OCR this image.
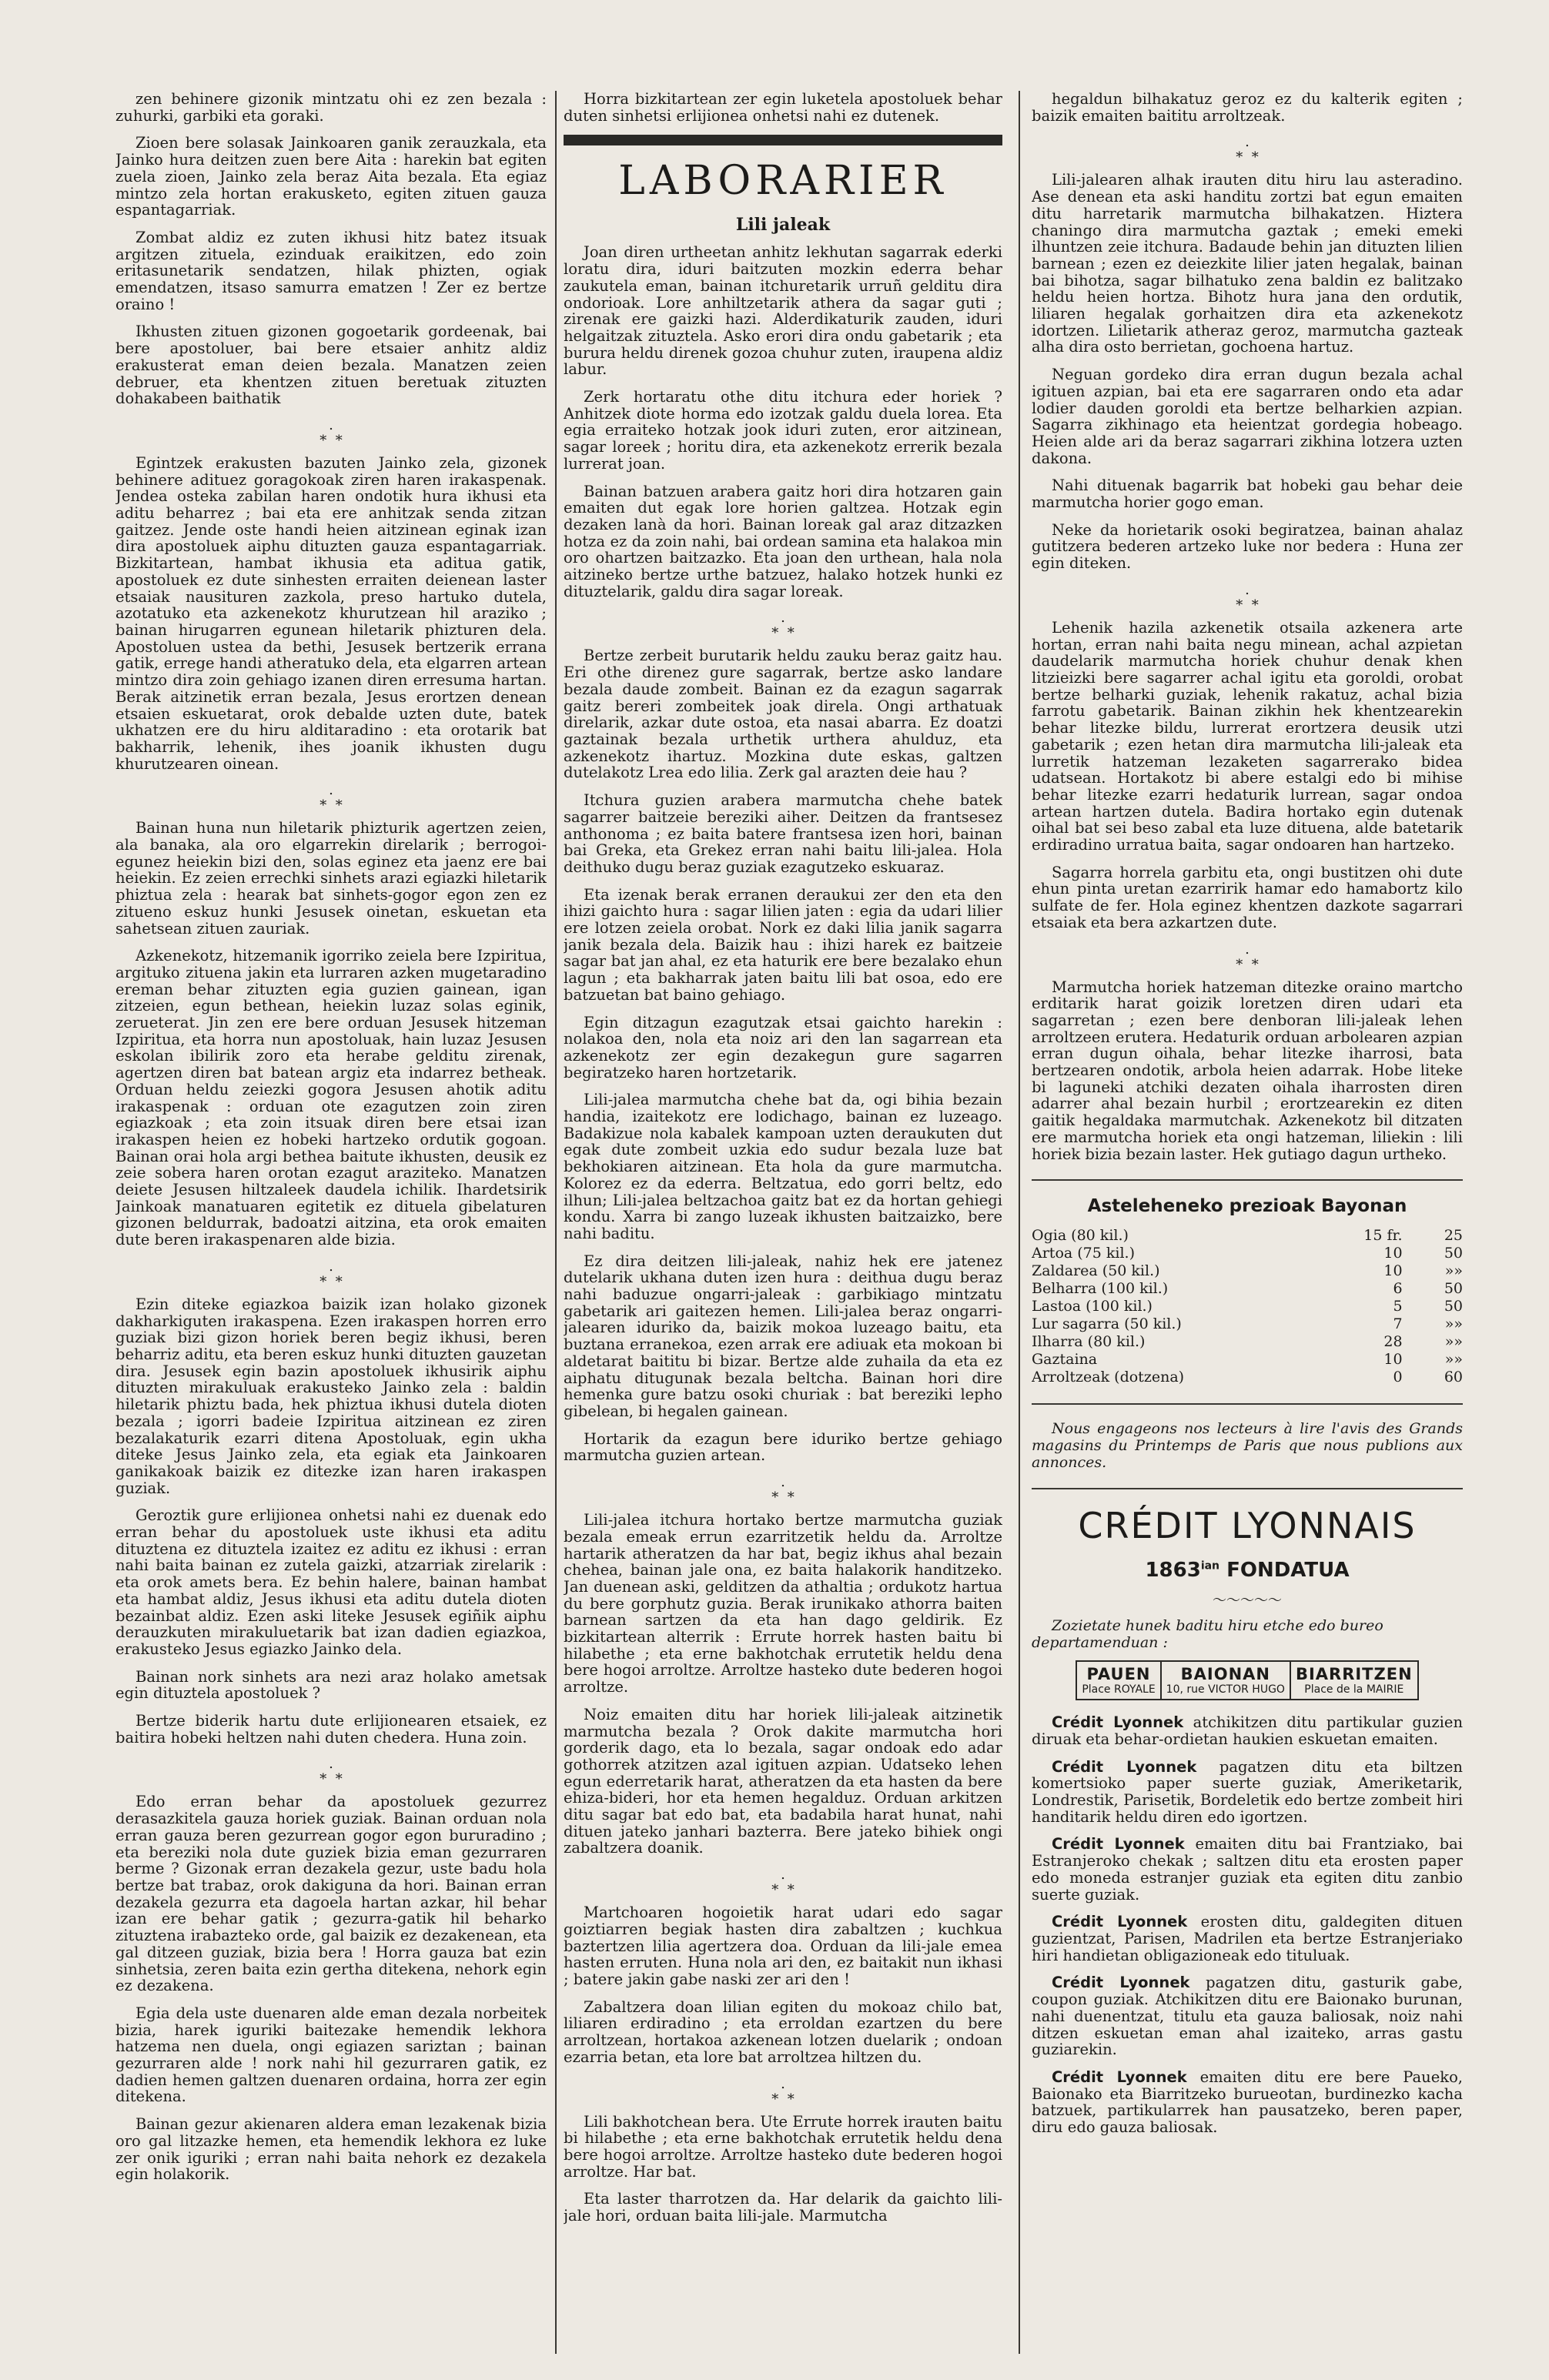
zen behinere gizonik mintzatu ohi ez zen bezala : zuhurki, garbiki eta goraki.

Zioen bere solasak Jainkoaren ganik zerauzkala, eta Jainko hura deitzen zuen bere Aita : harekin bat egiten zuela zioen, Jainko zela beraz Aita bezala. Eta egiaz mintzo zela hortan erakusketo, egiten zituen gauza espantagarriak.

Zombat aldiz ez zuten ikhusi hitz batez itsuak argitzen zituela, ezinduak eraikitzen, edo zoin eritasunetarik sendatzen, hilak phizten, ogiak emendatzen, itsaso samurra ematzen ! Zer ez bertze oraino !

Ikhusten zituen gizonen gogoetarik gordeenak, bai bere apostoluer, bai bere etsaier anhitz aldiz erakusterat eman deien bezala. Manatzen zeien debruer, eta khentzen zituen beretuak zituzten dohakabeen baithatik

.
*  *

Egintzek erakusten bazuten Jainko zela, gizonek behinere adituez goragokoak ziren haren irakaspenak. Jendea osteka zabilan haren ondotik hura ikhusi eta aditu beharrez ; bai eta ere anhitzak senda zitzan gaitzez. Jende oste handi heien aitzinean eginak izan dira apostoluek aiphu dituzten gauza espantagarriak. Bizkitartean, hambat ikhusia eta aditua gatik, apostoluek ez dute sinhesten erraiten deienean laster etsaiak nausituren zazkola, preso hartuko dutela, azotatuko eta azkenekotz khurutzean hil araziko ; bainan hirugarren egunean hiletarik phizturen dela. Apostoluen ustea da bethi, Jesusek bertzerik errana gatik, errege handi atheratuko dela, eta elgarren artean mintzo dira zoin gehiago izanen diren erresuma hartan. Berak aitzinetik erran bezala, Jesus erortzen denean etsaien eskuetarat, orok debalde uzten dute, batek ukhatzen ere du hiru alditaradino : eta orotarik bat bakharrik, lehenik, ihes joanik ikhusten dugu khurutzearen oinean.

.
*  *

Bainan huna nun hiletarik phizturik agertzen zeien, ala banaka, ala oro elgarrekin direlarik ; berrogoi-egunez heiekin bizi den, solas eginez eta jaenz ere bai heiekin. Ez zeien errechki sinhets arazi egiazki hiletarik phiztua zela : hearak bat sinhets-gogor egon zen ez zitueno eskuz hunki Jesusek oinetan, eskuetan eta sahetsean zituen zauriak.

Azkenekotz, hitzemanik igorriko zeiela bere Izpiritua, argituko zituena jakin eta lurraren azken mugetaradino ereman behar zituzten egia guzien gainean, igan zitzeien, egun bethean, heiekin luzaz solas eginik, zerueterat. Jin zen ere bere orduan Jesusek hitzeman Izpiritua, eta horra nun apostoluak, hain luzaz Jesusen eskolan ibilirik zoro eta herabe gelditu zirenak, agertzen diren bat batean argiz eta indarrez betheak. Orduan heldu zeiezki gogora Jesusen ahotik aditu irakaspenak : orduan ote ezagutzen zoin ziren egiazkoak ; eta zoin itsuak diren bere etsai izan irakaspen heien ez hobeki hartzeko ordutik gogoan. Bainan orai hola argi bethea baitute ikhusten, deusik ez zeie sobera haren orotan ezagut araziteko. Manatzen deiete Jesusen hiltzaleek daudela ichilik. Ihardetsirik Jainkoak manatuaren egitetik ez dituela gibelaturen gizonen beldurrak, badoatzi aitzina, eta orok emaiten dute beren irakaspenaren alde bizia.

.
*  *

Ezin diteke egiazkoa baizik izan holako gizonek dakharkiguten irakaspena. Ezen irakaspen horren erro guziak bizi gizon horiek beren begiz ikhusi, beren beharriz aditu, eta beren eskuz hunki dituzten gauzetan dira. Jesusek egin bazin apostoluek ikhusirik aiphu dituzten mirakuluak erakusteko Jainko zela : baldin hiletarik phiztu bada, hek phiztua ikhusi dutela dioten bezala ; igorri badeie Izpiritua aitzinean ez ziren bezalakaturik ezarri ditena Apostoluak, egin ukha diteke Jesus Jainko zela, eta egiak eta Jainkoaren ganikakoak baizik ez ditezke izan haren irakaspen guziak.

Geroztik gure erlijionea onhetsi nahi ez duenak edo erran behar du apostoluek uste ikhusi eta aditu dituztena ez dituztela izaitez ez aditu ez ikhusi : erran nahi baita bainan ez zutela gaizki, atzarriak zirelarik : eta orok amets bera. Ez behin halere, bainan hambat eta hambat aldiz, Jesus ikhusi eta aditu dutela dioten bezainbat aldiz. Ezen aski liteke Jesusek egiñik aiphu derauzkuten mirakuluetarik bat izan dadien egiazkoa, erakusteko Jesus egiazko Jainko dela.

Bainan nork sinhets ara nezi araz holako ametsak egin dituztela apostoluek ?

Bertze biderik hartu dute erlijionearen etsaiek, ez baitira hobeki heltzen nahi duten chedera. Huna zoin.

.
*  *

Edo erran behar da apostoluek gezurrez derasazkitela gauza horiek guziak. Bainan orduan nola erran gauza beren gezurrean gogor egon bururadino ; eta bereziki nola dute guziek bizia eman gezurraren berme ? Gizonak erran dezakela gezur, uste badu hola bertze bat trabaz, orok dakiguna da hori. Bainan erran dezakela gezurra eta dagoela hartan azkar, hil behar izan ere behar gatik ; gezurra-gatik hil beharko zituztena irabazteko orde, gal baizik ez dezakenean, eta gal ditzeen guziak, bizia bera ! Horra gauza bat ezin sinhetsia, zeren baita ezin gertha ditekena, nehork egin ez dezakena.

Egia dela uste duenaren alde eman dezala norbeitek bizia, harek iguriki baitezake hemendik lekhora hatzema nen duela, ongi egiazen sariztan ; bainan gezurraren alde ! nork nahi hil gezurraren gatik, ez dadien hemen galtzen duenaren ordaina, horra zer egin ditekena.

Bainan gezur akienaren aldera eman lezakenak bizia oro gal litzazke hemen, eta hemendik lekhora ez luke zer onik iguriki ; erran nahi baita nehork ez dezakela egin holakorik.

Horra bizkitartean zer egin luketela apostoluek behar duten sinhetsi erlijionea onhetsi nahi ez dutenek.

LABORARIER
Lili jaleak

Joan diren urtheetan anhitz lekhutan sagarrak ederki loratu dira, iduri baitzuten mozkin ederra behar zaukutela eman, bainan itchuretarik urruñ gelditu dira ondorioak. Lore anhiltzetarik athera da sagar guti ; zirenak ere gaizki hazi. Alderdikaturik zauden, iduri helgaitzak zituztela. Asko erori dira ondu gabetarik ; eta burura heldu direnek gozoa chuhur zuten, iraupena aldiz labur.

Zerk hortaratu othe ditu itchura eder horiek ? Anhitzek diote horma edo izotzak galdu duela lorea. Eta egia erraiteko hotzak jook iduri zuten, eror aitzinean, sagar loreek ; horitu dira, eta azkenekotz errerik bezala lurrerat joan.

Bainan batzuen arabera gaitz hori dira hotzaren gain emaiten dut egak lore horien galtzea. Hotzak egin dezaken lanà da hori. Bainan loreak gal araz ditzazken hotza ez da zoin nahi, bai ordean samina eta halakoa min oro ohartzen baitzazko. Eta joan den urthean, hala nola aitzineko bertze urthe batzuez, halako hotzek hunki ez dituztelarik, galdu dira sagar loreak.

.
*  *

Bertze zerbeit burutarik heldu zauku beraz gaitz hau. Eri othe direnez gure sagarrak, bertze asko landare bezala daude zombeit. Bainan ez da ezagun sagarrak gaitz bereri zombeitek joak direla. Ongi arthatuak direlarik, azkar dute ostoa, eta nasai abarra. Ez doatzi gaztainak bezala urthetik urthera ahulduz, eta azkenekotz ihartuz. Mozkina dute eskas, galtzen dutelakotz Lrea edo lilia. Zerk gal arazten deie hau ?

Itchura guzien arabera marmutcha chehe batek sagarrer baitzeie bereziki aiher. Deitzen da frantsesez anthonoma ; ez baita batere frantsesa izen hori, bainan bai Greka, eta Grekez erran nahi baitu lili-jalea. Hola deithuko dugu beraz guziak ezagutzeko eskuaraz.

Eta izenak berak erranen deraukui zer den eta den ihizi gaichto hura : sagar lilien jaten : egia da udari lilier ere lotzen zeiela orobat. Nork ez daki lilia janik sagarra janik bezala dela. Baizik hau : ihizi harek ez baitzeie sagar bat jan ahal, ez eta haturik ere bere bezalako ehun lagun ; eta bakharrak jaten baitu lili bat osoa, edo ere batzuetan bat baino gehiago.

Egin ditzagun ezagutzak etsai gaichto harekin : nolakoa den, nola eta noiz ari den lan sagarrean eta azkenekotz zer egin dezakegun gure sagarren begiratzeko haren hortzetarik.

Lili-jalea marmutcha chehe bat da, ogi bihia bezain handia, izaitekotz ere lodichago, bainan ez luzeago. Badakizue nola kabalek kampoan uzten deraukuten dut egak dute zombeit uzkia edo sudur bezala luze bat bekhokiaren aitzinean. Eta hola da gure marmutcha. Kolorez ez da ederra. Beltzatua, edo gorri beltz, edo ilhun; Lili-jalea beltzachoa gaitz bat ez da hortan gehiegi kondu. Xarra bi zango luzeak ikhusten baitzaizko, bere nahi baditu.

Ez dira deitzen lili-jaleak, nahiz hek ere jatenez dutelarik ukhana duten izen hura : deithua dugu beraz nahi baduzue ongarri-jaleak : garbikiago mintzatu gabetarik ari gaitezen hemen. Lili-jalea beraz ongarri-jalearen iduriko da, baizik mokoa luzeago baitu, eta buztana erranekoa, ezen arrak ere adiuak eta mokoan bi aldetarat baititu bi bizar. Bertze alde zuhaila da eta ez aiphatu ditugunak bezala beltcha. Bainan hori dire hemenka gure batzu osoki churiak : bat bereziki lepho gibelean, bi hegalen gainean.

Hortarik da ezagun bere iduriko bertze gehiago marmutcha guzien artean.

.
*  *

Lili-jalea itchura hortako bertze marmutcha guziak bezala emeak errun ezarritzetik heldu da. Arroltze hartarik atheratzen da har bat, begiz ikhus ahal bezain chehea, bainan jale ona, ez baita halakorik handitzeko. Jan duenean aski, gelditzen da athaltia ; ordukotz hartua du bere gorphutz guzia. Berak irunikako athorra baiten barnean sartzen da eta han dago geldirik. Ez bizkitartean alterrik : Errute horrek hasten baitu bi hilabethe ; eta erne bakhotchak errutetik heldu dena bere hogoi arroltze. Arroltze hasteko dute bederen hogoi arroltze.

Noiz emaiten ditu har horiek lili-jaleak aitzinetik marmutcha bezala ? Orok dakite marmutcha hori gorderik dago, eta lo bezala, sagar ondoak edo adar gothorrek atzitzen azal igituen azpian. Udatseko lehen egun ederretarik harat, atheratzen da eta hasten da bere ehiza-bideri, hor eta hemen hegalduz. Orduan arkitzen ditu sagar bat edo bat, eta badabila harat hunat, nahi dituen jateko janhari bazterra. Bere jateko bihiek ongi zabaltzera doanik.

.
*  *

Martchoaren hogoietik harat udari edo sagar goiztiarren begiak hasten dira zabaltzen ; kuchkua baztertzen lilia agertzera doa. Orduan da lili-jale emea hasten erruten. Huna nola ari den, ez baitakit nun ikhasi ; batere jakin gabe naski zer ari den !

Zabaltzera doan lilian egiten du mokoaz chilo bat, liliaren erdiradino ; eta erroldan ezartzen du bere arroltzean, hortakoa azkenean lotzen duelarik ; ondoan ezarria betan, eta lore bat arroltzea hiltzen du.

.
*  *

Lili bakhotchean bera. Ute Errute horrek irauten baitu bi hilabethe ; eta erne bakhotchak errutetik heldu dena bere hogoi arroltze. Arroltze hasteko dute bederen hogoi arroltze. Har bat.

Eta laster tharrotzen da. Har delarik da gaichto lili-jale hori, orduan baita lili-jale. Marmutcha

hegaldun bilhakatuz geroz ez du kalterik egiten ; baizik emaiten baititu arroltzeak.

.
*  *

Lili-jalearen alhak irauten ditu hiru lau asteradino. Ase denean eta aski handitu zortzi bat egun emaiten ditu harretarik marmutcha bilhakatzen. Hiztera chaningo dira marmutcha gaztak ; emeki emeki ilhuntzen zeie itchura. Badaude behin jan dituzten lilien barnean ; ezen ez deiezkite lilier jaten hegalak, bainan bai bihotza, sagar bilhatuko zena baldin ez balitzako heldu heien hortza. Bihotz hura jana den ordutik, liliaren hegalak gorhaitzen dira eta azkenekotz idortzen. Lilietarik atheraz geroz, marmutcha gazteak alha dira osto berrietan, gochoena hartuz.

Neguan gordeko dira erran dugun bezala achal igituen azpian, bai eta ere sagarraren ondo eta adar lodier dauden goroldi eta bertze belharkien azpian. Sagarra zikhinago eta heientzat gordegia hobeago. Heien alde ari da beraz sagarrari zikhina lotzera uzten dakona.

Nahi dituenak bagarrik bat hobeki gau behar deie marmutcha horier gogo eman.

Neke da horietarik osoki begiratzea, bainan ahalaz gutitzera bederen artzeko luke nor bedera : Huna zer egin diteken.

.
*  *

Lehenik hazila azkenetik otsaila azkenera arte hortan, erran nahi baita negu minean, achal azpietan daudelarik marmutcha horiek chuhur denak khen litzieizki bere sagarrer achal igitu eta goroldi, orobat bertze belharki guziak, lehenik rakatuz, achal bizia farrotu gabetarik. Bainan zikhin hek khentzearekin behar litezke bildu, lurrerat erortzera deusik utzi gabetarik ; ezen hetan dira marmutcha lili-jaleak eta lurretik hatzeman lezaketen sagarrerako bidea udatsean. Hortakotz bi abere estalgi edo bi mihise behar litezke ezarri hedaturik lurrean, sagar ondoa artean hartzen dutela. Badira hortako egin dutenak oihal bat sei beso zabal eta luze dituena, alde batetarik erdiradino urratua baita, sagar ondoaren han hartzeko.

Sagarra horrela garbitu eta, ongi bustitzen ohi dute ehun pinta uretan ezarririk hamar edo hamabortz kilo sulfate de fer. Hola eginez khentzen dazkote sagarrari etsaiak eta bera azkartzen dute.

.
*  *

Marmutcha horiek hatzeman ditezke oraino martcho erditarik harat goizik loretzen diren udari eta sagarretan ; ezen bere denboran lili-jaleak lehen arroltzeen erutera. Hedaturik orduan arbolearen azpian erran dugun oihala, behar litezke iharrosi, bata bertzearen ondotik, arbola heien adarrak. Hobe liteke bi laguneki atchiki dezaten oihala iharrosten diren adarrer ahal bezain hurbil ; erortzearekin ez diten gaitik hegaldaka marmutchak. Azkenekotz bil ditzaten ere marmutcha horiek eta ongi hatzeman, liliekin : lili horiek bizia bezain laster. Hek gutiago dagun urtheko.

Asteleheneko prezioak Bayonan
Ogia (80 kil.)	15 fr.	25
Artoa (75 kil.)	10	50
Zaldarea (50 kil.)	10	»»
Belharra (100 kil.)	6	50
Lastoa (100 kil.)	5	50
Lur sagarra (50 kil.)	7	»»
Ilharra (80 kil.)	28	»»
Gaztaina	10	»»
Arroltzeak (dotzena)	0	60

Nous engageons nos lecteurs à lire l'avis des Grands magasins du Printemps de Paris que nous publions aux annonces.

CRÉDIT LYONNAIS
$1863^{ian}$ FONDATUA
〜〜〜〜〜

Zozietate hunek baditu hiru etche edo bureo departamenduan :

PAUEN
Place ROYALE

BAIONAN
10, rue VICTOR HUGO

BIARRITZEN
Place de la MAIRIE

Crédit Lyonnek atchikitzen ditu partikular guzien diruak eta behar-ordietan haukien eskuetan emaiten.

Crédit Lyonnek pagatzen ditu eta biltzen komertsioko paper suerte guziak, Ameriketarik, Londrestik, Parisetik, Bordeletik edo bertze zombeit hiri handitarik heldu diren edo igortzen.

Crédit Lyonnek emaiten ditu bai Frantziako, bai Estranjeroko chekak ; saltzen ditu eta erosten paper edo moneda estranjer guziak eta egiten ditu zanbio suerte guziak.

Crédit Lyonnek erosten ditu, galdegiten dituen guzientzat, Parisen, Madrilen eta bertze Estranjeriako hiri handietan obligazioneak edo tituluak.

Crédit Lyonnek pagatzen ditu, gasturik gabe, coupon guziak. Atchikitzen ditu ere Baionako burunan, nahi duenentzat, titulu eta gauza baliosak, noiz nahi ditzen eskuetan eman ahal izaiteko, arras gastu guziarekin.

Crédit Lyonnek emaiten ditu ere bere Paueko, Baionako eta Biarritzeko burueotan, burdinezko kacha batzuek, partikularrek han pausatzeko, beren paper, diru edo gauza baliosak.
